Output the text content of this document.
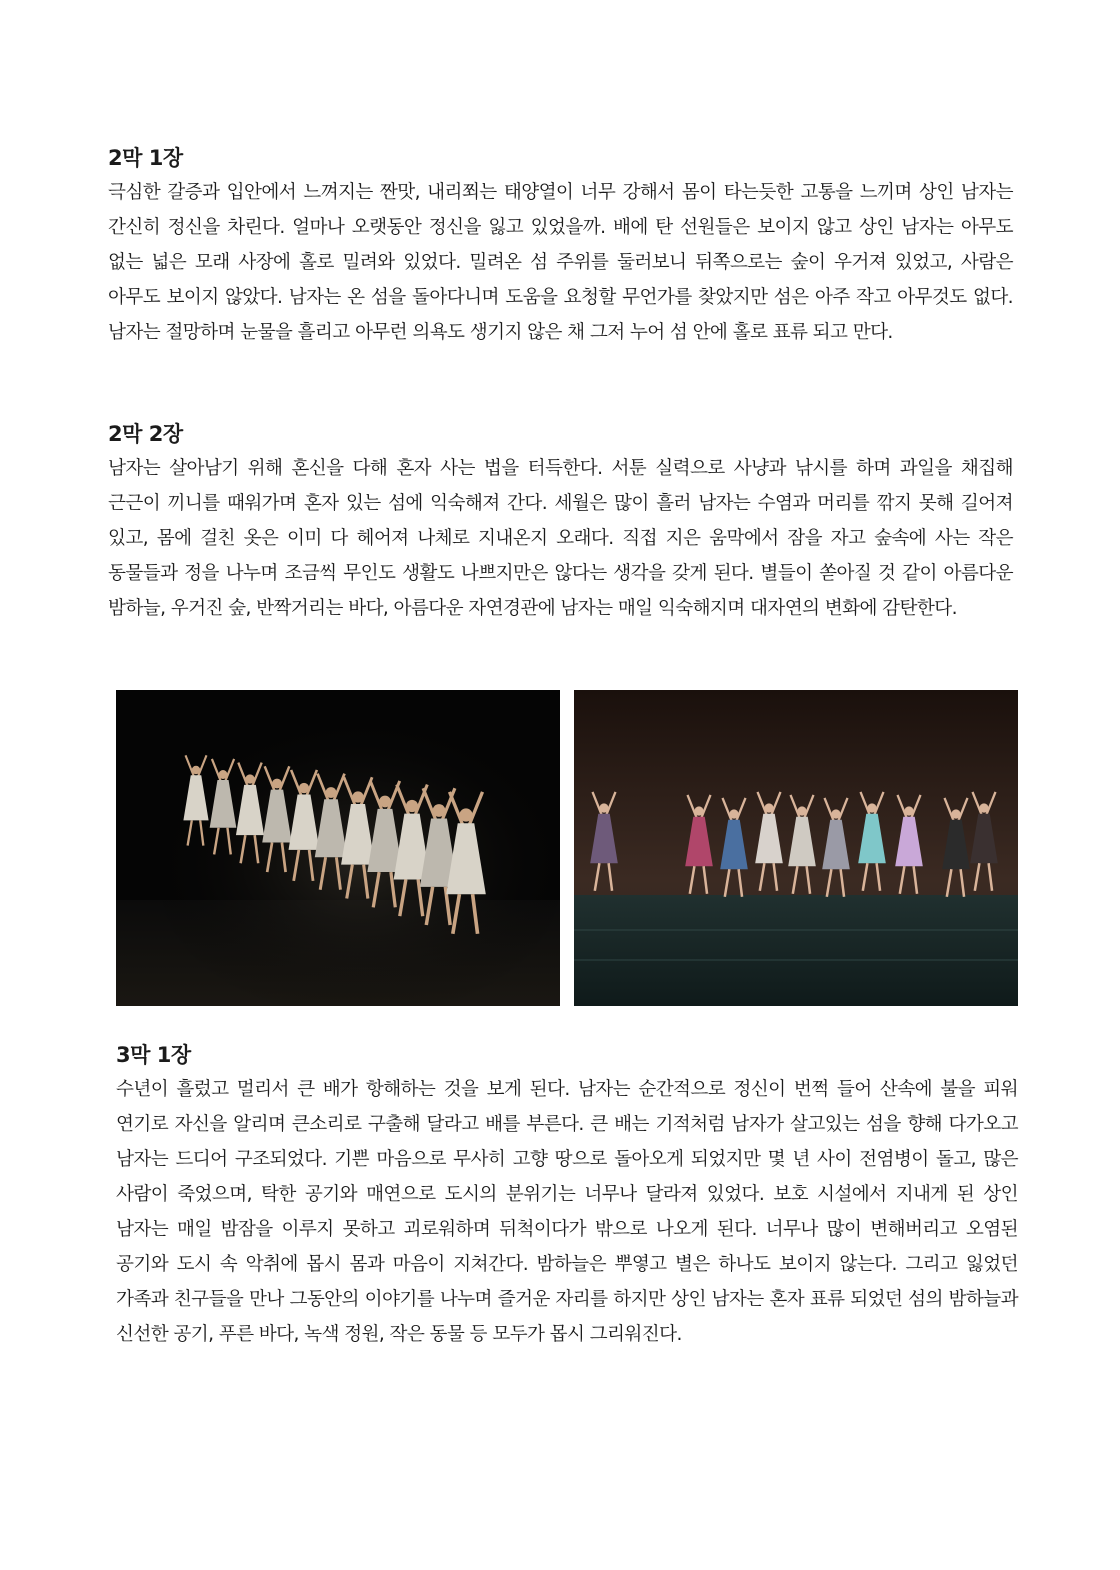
2막 1장

극심한 갈증과 입안에서 느껴지는 짠맛, 내리쬐는 태양열이 너무 강해서 몸이 타는듯한 고통을 느끼며 상인 남자는 간신히 정신을 차린다. 얼마나 오랫동안 정신을 잃고 있었을까. 배에 탄 선원들은 보이지 않고 상인 남자는 아무도 없는 넓은 모래 사장에 홀로 밀려와 있었다. 밀려온 섬 주위를 둘러보니 뒤쪽으로는 숲이 우거져 있었고, 사람은 아무도 보이지 않았다. 남자는 온 섬을 돌아다니며 도움을 요청할 무언가를 찾았지만 섬은 아주 작고 아무것도 없다. 남자는 절망하며 눈물을 흘리고 아무런 의욕도 생기지 않은 채 그저 누어 섬 안에 홀로 표류 되고 만다.

2막 2장

남자는 살아남기 위해 혼신을 다해 혼자 사는 법을 터득한다. 서툰 실력으로 사냥과 낚시를 하며 과일을 채집해 근근이 끼니를 때워가며 혼자 있는 섬에 익숙해져 간다. 세월은 많이 흘러 남자는 수염과 머리를 깎지 못해 길어져 있고, 몸에 걸친 옷은 이미 다 헤어져 나체로 지내온지 오래다. 직접 지은 움막에서 잠을 자고 숲속에 사는 작은 동물들과 정을 나누며 조금씩 무인도 생활도 나쁘지만은 않다는 생각을 갖게 된다. 별들이 쏟아질 것 같이 아름다운 밤하늘, 우거진 숲, 반짝거리는 바다, 아름다운 자연경관에 남자는 매일 익숙해지며 대자연의 변화에 감탄한다.

3막 1장

수년이 흘렀고 멀리서 큰 배가 항해하는 것을 보게 된다. 남자는 순간적으로 정신이 번쩍 들어 산속에 불을 피워 연기로 자신을 알리며 큰소리로 구출해 달라고 배를 부른다. 큰 배는 기적처럼 남자가 살고있는 섬을 향해 다가오고 남자는 드디어 구조되었다. 기쁜 마음으로 무사히 고향 땅으로 돌아오게 되었지만 몇 년 사이 전염병이 돌고, 많은 사람이 죽었으며, 탁한 공기와 매연으로 도시의 분위기는 너무나 달라져 있었다. 보호 시설에서 지내게 된 상인 남자는 매일 밤잠을 이루지 못하고 괴로워하며 뒤척이다가 밖으로 나오게 된다. 너무나 많이 변해버리고 오염된 공기와 도시 속 악취에 몹시 몸과 마음이 지쳐간다. 밤하늘은 뿌옇고 별은 하나도 보이지 않는다. 그리고 잃었던 가족과 친구들을 만나 그동안의 이야기를 나누며 즐거운 자리를 하지만 상인 남자는 혼자 표류 되었던 섬의 밤하늘과 신선한 공기, 푸른 바다, 녹색 정원, 작은 동물 등 모두가 몹시 그리워진다.
